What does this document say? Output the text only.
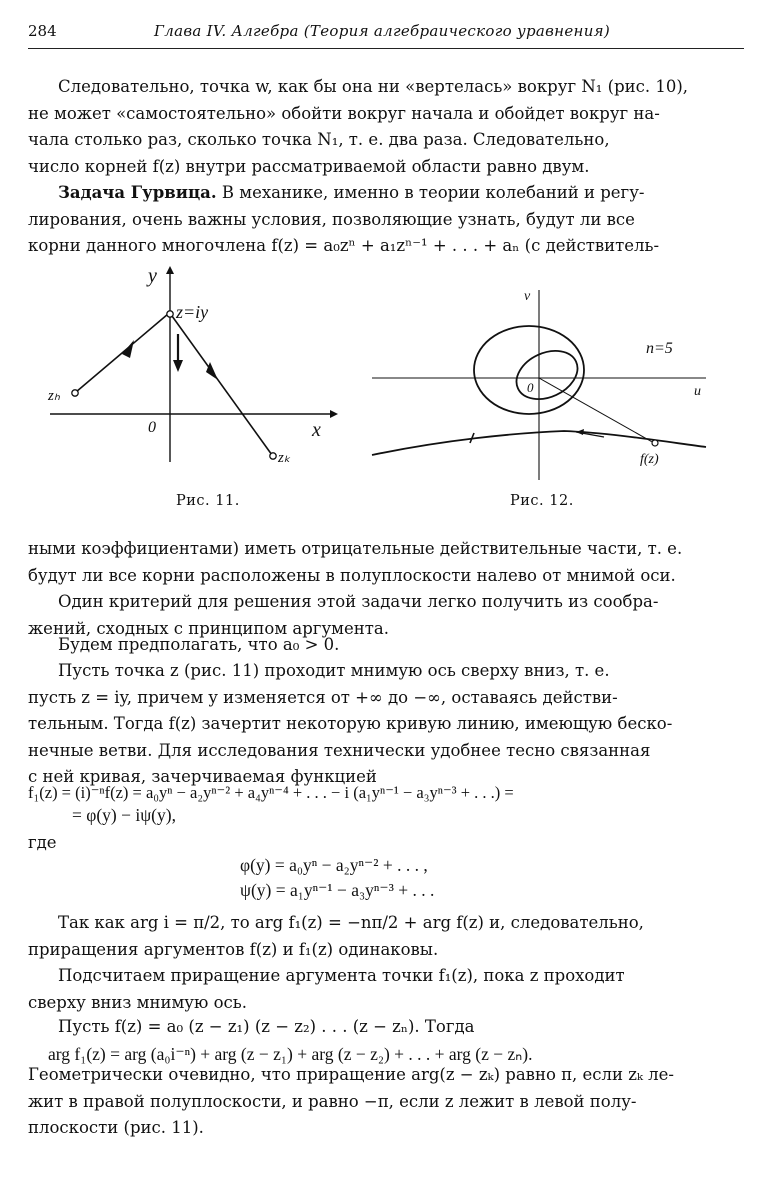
284	Глава IV. Алгебра (Теория алгебраического уравнения)

Следовательно, точка w, как бы она ни «вертелась» вокруг N₁ (рис. 10),

не может «самостоятельно» обойти вокруг начала и обойдет вокруг на-

чала столько раз, сколько точка N₁, т. е. два раза. Следовательно,

число корней f(z) внутри рассматриваемой области равно двум.

Задача Гурвица. В механике, именно в теории колебаний и регу-

лирования, очень важны условия, позволяющие узнать, будут ли все

корни данного многочлена f(z) = a₀zⁿ + a₁zⁿ⁻¹ + . . . + aₙ (с действитель-

y
x
0
z=iy
zₕ
zₖ
Рис. 11.
v
u
0
n=5
f(z)
Рис. 12.

ными коэффициентами) иметь отрицательные действительные части, т. е.

будут ли все корни расположены в полуплоскости налево от мнимой оси.

Один критерий для решения этой задачи легко получить из сообра-

жений, сходных с принципом аргумента.

Будем предполагать, что a₀ > 0.

Пусть точка z (рис. 11) проходит мнимую ось сверху вниз, т. е.

пусть z = iy, причем y изменяется от +∞ до −∞, оставаясь действи-

тельным. Тогда f(z) зачертит некоторую кривую линию, имеющую беско-

нечные ветви. Для исследования технически удобнее тесно связанная

с ней кривая, зачерчиваемая функцией

f₁(z) = (i)⁻ⁿf(z) = a₀yⁿ − a₂yⁿ⁻² + a₄yⁿ⁻⁴ + . . . − i (a₁yⁿ⁻¹ − a₃yⁿ⁻³ + . . .) =
= φ(y) − iψ(y),
где
φ(y) = a₀yⁿ − a₂yⁿ⁻² + . . . ,
ψ(y) = a₁yⁿ⁻¹ − a₃yⁿ⁻³ + . . .

Так как arg i = π/2, то arg f₁(z) = −nπ/2 + arg f(z) и, следовательно,

приращения аргументов f(z) и f₁(z) одинаковы.

Подсчитаем приращение аргумента точки f₁(z), пока z проходит

сверху вниз мнимую ось.

Пусть f(z) = a₀ (z − z₁) (z − z₂) . . . (z − zₙ). Тогда

arg f₁(z) = arg (a₀i⁻ⁿ) + arg (z − z₁) + arg (z − z₂) + . . . + arg (z − zₙ).

Геометрически очевидно, что приращение arg(z − zₖ) равно π, если zₖ ле-

жит в правой полуплоскости, и равно −π, если z лежит в левой полу-

плоскости (рис. 11).
